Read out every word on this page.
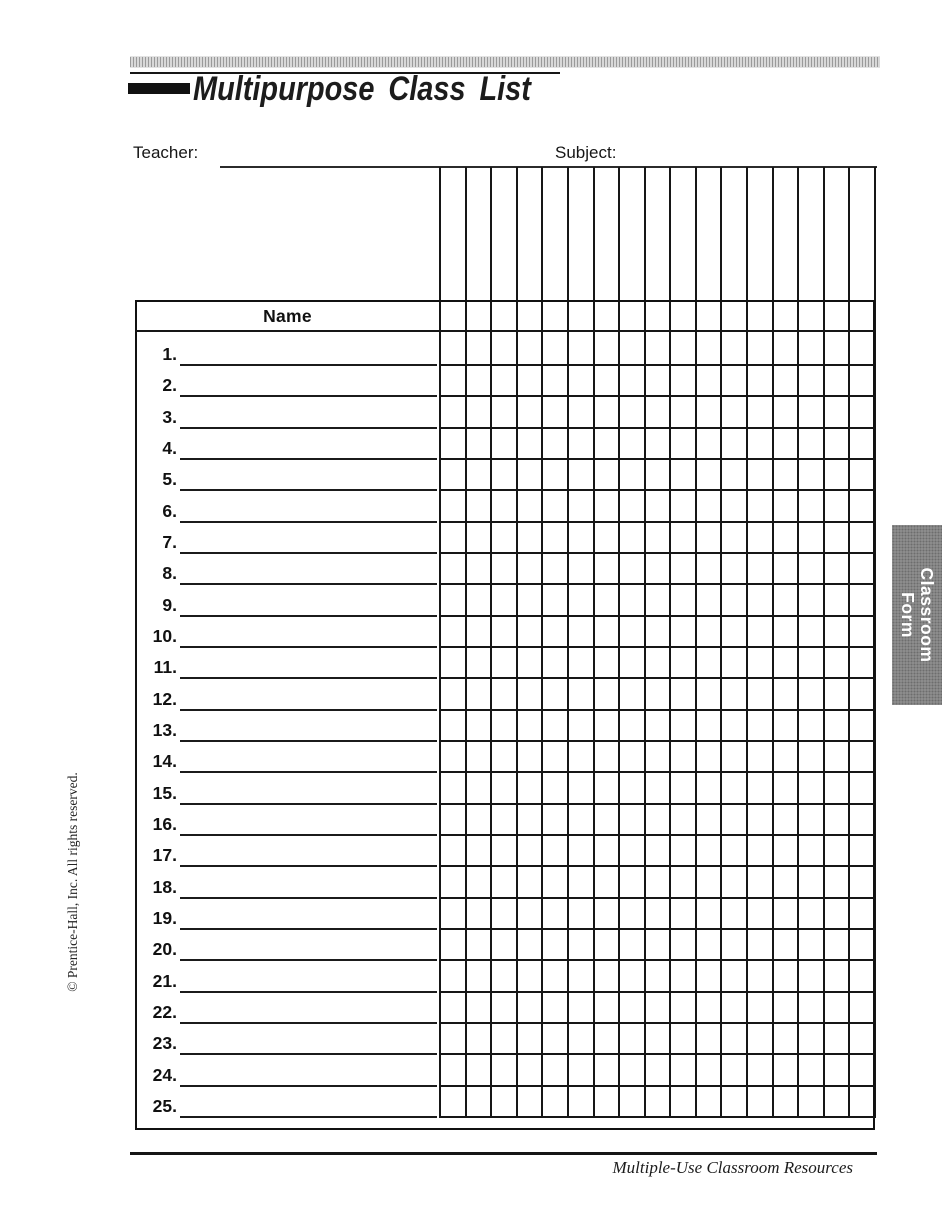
Multipurpose Class List
Teacher:	Subject:
Name
1.
2.
3.
4.
5.
6.
7.
8.
9.
10.
11.
12.
13.
14.
15.
16.
17.
18.
19.
20.
21.
22.
23.
24.
25.
Classroom
Form
© Prentice-Hall, Inc. All rights reserved.
Multiple-Use Classroom Resources
